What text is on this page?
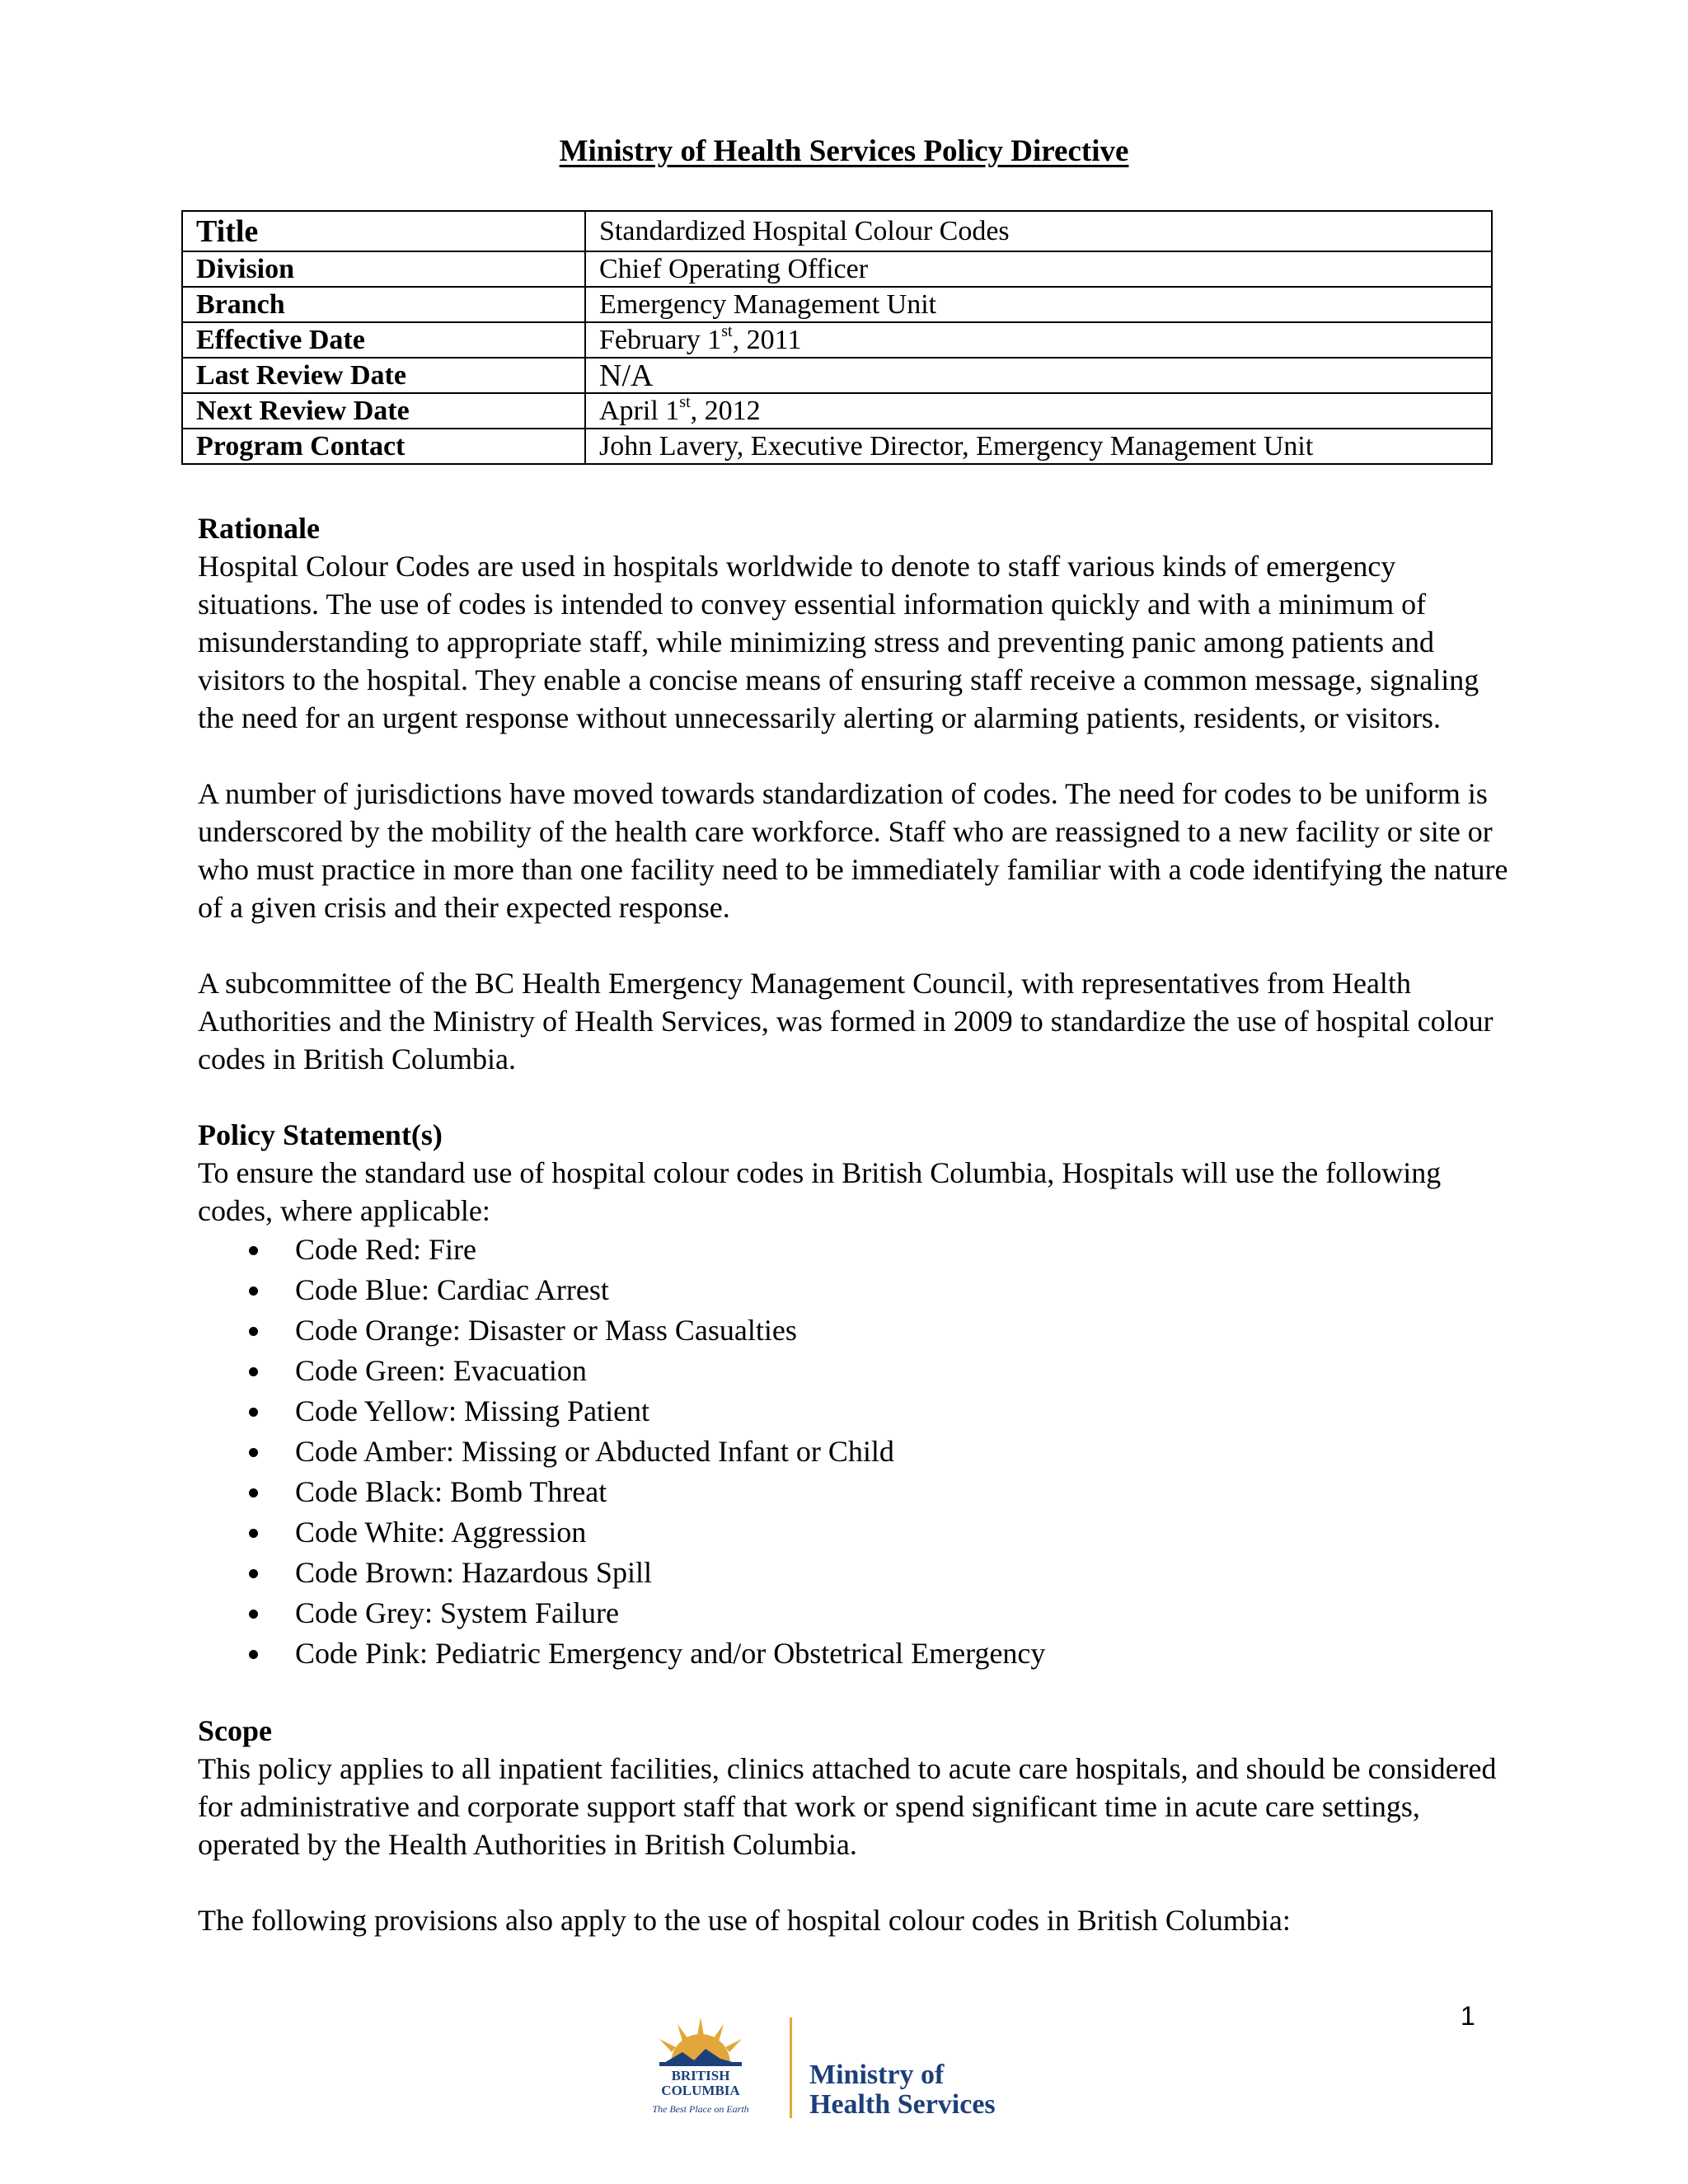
Ministry of Health Services Policy Directive
Title	Standardized Hospital Colour Codes
Division	Chief Operating Officer
Branch	Emergency Management Unit
Effective Date	February 1st, 2011
Last Review Date	N/A
Next Review Date	April 1st, 2012
Program Contact	John Lavery, Executive Director, Emergency Management Unit
Rationale

Hospital Colour Codes are used in hospitals worldwide to denote to staff various kinds of emergency situations. The use of codes is intended to convey essential information quickly and with a minimum of misunderstanding to appropriate staff, while minimizing stress and preventing panic among patients and visitors to the hospital. They enable a concise means of ensuring staff receive a common message, signaling the need for an urgent response without unnecessarily alerting or alarming patients, residents, or visitors.

A number of jurisdictions have moved towards standardization of codes. The need for codes to be uniform is underscored by the mobility of the health care workforce. Staff who are reassigned to a new facility or site or who must practice in more than one facility need to be immediately familiar with a code identifying the nature of a given crisis and their expected response.

A subcommittee of the BC Health Emergency Management Council, with representatives from Health Authorities and the Ministry of Health Services, was formed in 2009 to standardize the use of hospital colour codes in British Columbia.

Policy Statement(s)

To ensure the standard use of hospital colour codes in British Columbia, Hospitals will use the following codes, where applicable:

Code Red: Fire
Code Blue: Cardiac Arrest
Code Orange: Disaster or Mass Casualties
Code Green: Evacuation
Code Yellow: Missing Patient
Code Amber: Missing or Abducted Infant or Child
Code Black: Bomb Threat
Code White: Aggression
Code Brown: Hazardous Spill
Code Grey: System Failure
Code Pink: Pediatric Emergency and/or Obstetrical Emergency
Scope

This policy applies to all inpatient facilities, clinics attached to acute care hospitals, and should be considered for administrative and corporate support staff that work or spend significant time in acute care settings, operated by the Health Authorities in British Columbia.

The following provisions also apply to the use of hospital colour codes in British Columbia:

1
BRITISH
COLUMBIA
The Best Place on Earth
Ministry of
Health Services
